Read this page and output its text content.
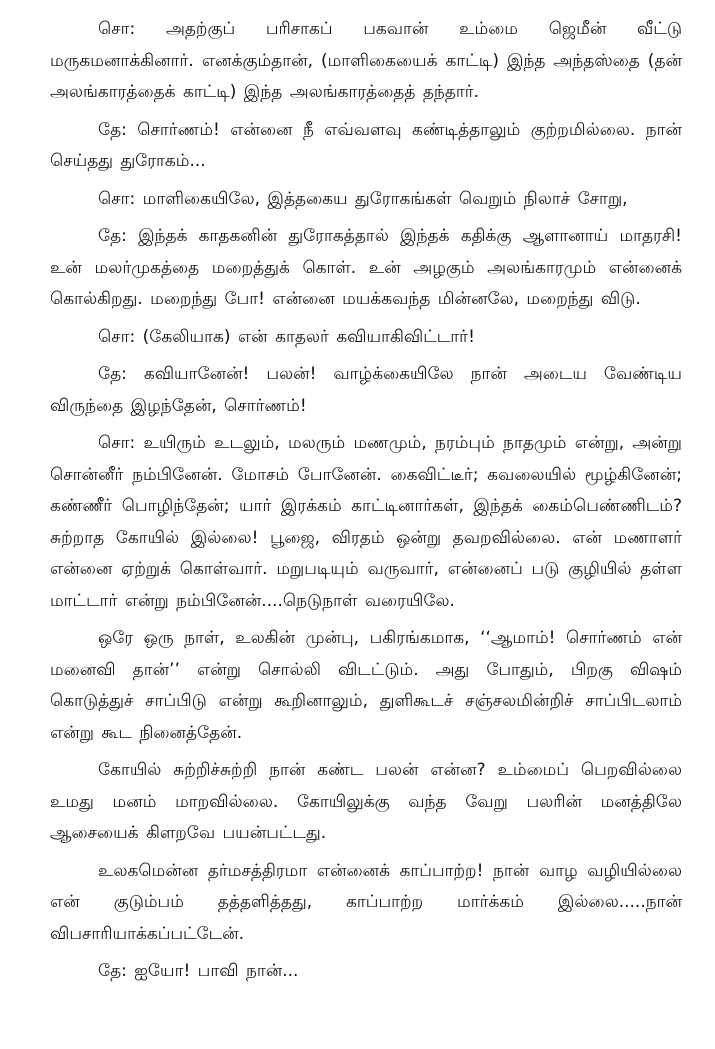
சொ: அதற்குப் பரிசாகப் பகவான் உம்மை ஜெமீன் வீட்டு மருகமனாக்கினார். எனக்கும்தான், (மாளிகையைக் காட்டி) இந்த அந்தஸ்தை (தன் அலங்காரத்தைக் காட்டி) இந்த அலங்காரத்தைத் தந்தார்.

தே: சொர்ணம்! என்னை நீ எவ்வளவு கண்டித்தாலும் குற்றமில்லை. நான் செய்தது துரோகம்...

சொ: மாளிகையிலே, இத்தகைய துரோகங்கள் வெறும் நிலாச் சோறு,

தே: இந்தக் காதகனின் துரோகத்தால் இந்தக் கதிக்கு ஆளானாய் மாதரசி! உன் மலர்முகத்தை மறைத்துக் கொள். உன் அழகும் அலங்காரமும் என்னைக் கொல்கிறது. மறைந்து போ! என்னை மயக்கவந்த மின்னலே, மறைந்து விடு.

சொ: (கேலியாக) என் காதலர் கவியாகிவிட்டார்!

தே: கவியானேன்! பலன்! வாழ்க்கையிலே நான் அடைய வேண்டிய விருந்தை இழந்தேன், சொர்ணம்!

சொ: உயிரும் உடலும், மலரும் மணமும், நரம்பும் நாதமும் என்று, அன்று சொன்னீர் நம்பினேன். மோசம் போனேன். கைவிட்டீர்; கவலையில் மூழ்கினேன்; கண்ணீர் பொழிந்தேன்; யார் இரக்கம் காட்டினார்கள், இந்தக் கைம்பெண்ணிடம்? சுற்றாத கோயில் இல்லை! பூஜை, விரதம் ஒன்று தவறவில்லை. என் மணாளர் என்னை ஏற்றுக் கொள்வார். மறுபடியும் வருவார், என்னைப் படு குழியில் தள்ள மாட்டார் என்று நம்பினேன்....நெடுநாள் வரையிலே.

ஒரே ஒரு நாள், உலகின் முன்பு, பகிரங்கமாக, ‘‘ஆமாம்! சொர்ணம் என் மனைவி தான்’’ என்று சொல்லி விடட்டும். அது போதும், பிறகு விஷம் கொடுத்துச் சாப்பிடு என்று கூறினாலும், துளிகூடச் சஞ்சலமின்றிச் சாப்பிடலாம் என்று கூட நினைத்தேன்.

கோயில் சுற்றிச்சுற்றி நான் கண்ட பலன் என்ன? உம்மைப் பெறவில்லை உமது மனம் மாறவில்லை. கோயிலுக்கு வந்த வேறு பலரின் மனத்திலே ஆசையைக் கிளறவே பயன்பட்டது.

உலகமென்ன தர்மசத்திரமா என்னைக் காப்பாற்ற! நான் வாழ வழியில்லை என் குடும்பம் தத்தளித்தது, காப்பாற்ற மார்க்கம் இல்லை.....நான் விபசாரியாக்கப்பட்டேன்.

தே: ஐயோ! பாவி நான்...
